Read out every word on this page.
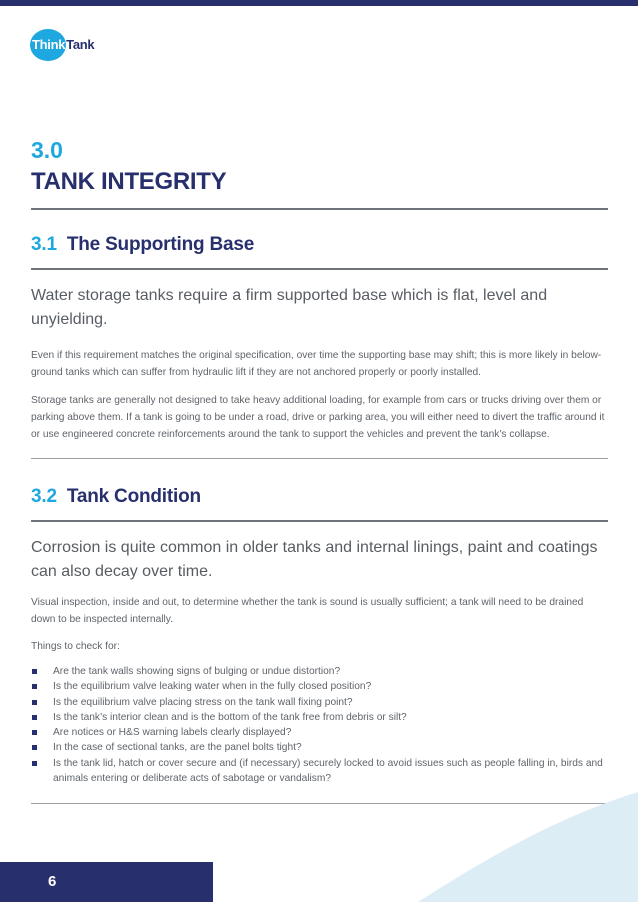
Think Tank
3.0
TANK INTEGRITY
3.1 The Supporting Base
Water storage tanks require a firm supported base which is flat, level and unyielding.
Even if this requirement matches the original specification, over time the supporting base may shift; this is more likely in below-ground tanks which can suffer from hydraulic lift if they are not anchored properly or poorly installed.
Storage tanks are generally not designed to take heavy additional loading, for example from cars or trucks driving over them or parking above them. If a tank is going to be under a road, drive or parking area, you will either need to divert the traffic around it or use engineered concrete reinforcements around the tank to support the vehicles and prevent the tank’s collapse.
3.2 Tank Condition
Corrosion is quite common in older tanks and internal linings, paint and coatings can also decay over time.
Visual inspection, inside and out, to determine whether the tank is sound is usually sufficient; a tank will need to be drained down to be inspected internally.
Things to check for:
Are the tank walls showing signs of bulging or undue distortion?
Is the equilibrium valve leaking water when in the fully closed position?
Is the equilibrium valve placing stress on the tank wall fixing point?
Is the tank’s interior clean and is the bottom of the tank free from debris or silt?
Are notices or H&S warning labels clearly displayed?
In the case of sectional tanks, are the panel bolts tight?
Is the tank lid, hatch or cover secure and (if necessary) securely locked to avoid issues such as people falling in, birds and animals entering or deliberate acts of sabotage or vandalism?
6
